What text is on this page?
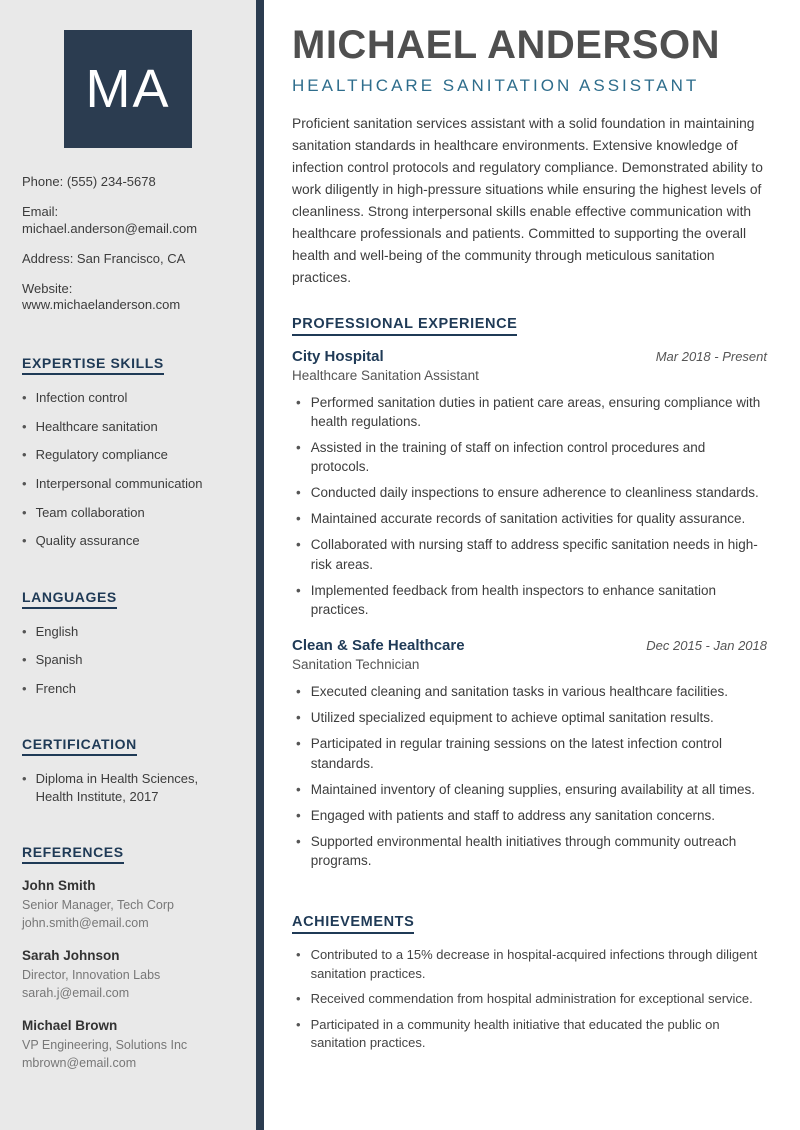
MA
Phone: (555) 234-5678
Email: michael.anderson@email.com
Address: San Francisco, CA
Website: www.michaelanderson.com
EXPERTISE SKILLS
• Infection control
• Healthcare sanitation
• Regulatory compliance
• Interpersonal communication
• Team collaboration
• Quality assurance
LANGUAGES
• English
• Spanish
• French
CERTIFICATION
• Diploma in Health Sciences, Health Institute, 2017
REFERENCES
John Smith
Senior Manager, Tech Corp
john.smith@email.com
Sarah Johnson
Director, Innovation Labs
sarah.j@email.com
Michael Brown
VP Engineering, Solutions Inc
mbrown@email.com
MICHAEL ANDERSON
HEALTHCARE SANITATION ASSISTANT

Proficient sanitation services assistant with a solid foundation in maintaining sanitation standards in healthcare environments. Extensive knowledge of infection control protocols and regulatory compliance. Demonstrated ability to work diligently in high-pressure situations while ensuring the highest levels of cleanliness. Strong interpersonal skills enable effective communication with healthcare professionals and patients. Committed to supporting the overall health and well-being of the community through meticulous sanitation practices.

PROFESSIONAL EXPERIENCE
City Hospital	Mar 2018 - Present
Healthcare Sanitation Assistant
• Performed sanitation duties in patient care areas, ensuring compliance with health regulations.
• Assisted in the training of staff on infection control procedures and protocols.
• Conducted daily inspections to ensure adherence to cleanliness standards.
• Maintained accurate records of sanitation activities for quality assurance.
• Collaborated with nursing staff to address specific sanitation needs in high-risk areas.
• Implemented feedback from health inspectors to enhance sanitation practices.
Clean & Safe Healthcare	Dec 2015 - Jan 2018
Sanitation Technician
• Executed cleaning and sanitation tasks in various healthcare facilities.
• Utilized specialized equipment to achieve optimal sanitation results.
• Participated in regular training sessions on the latest infection control standards.
• Maintained inventory of cleaning supplies, ensuring availability at all times.
• Engaged with patients and staff to address any sanitation concerns.
• Supported environmental health initiatives through community outreach programs.
ACHIEVEMENTS
• Contributed to a 15% decrease in hospital-acquired infections through diligent sanitation practices.
• Received commendation from hospital administration for exceptional service.
• Participated in a community health initiative that educated the public on sanitation practices.
